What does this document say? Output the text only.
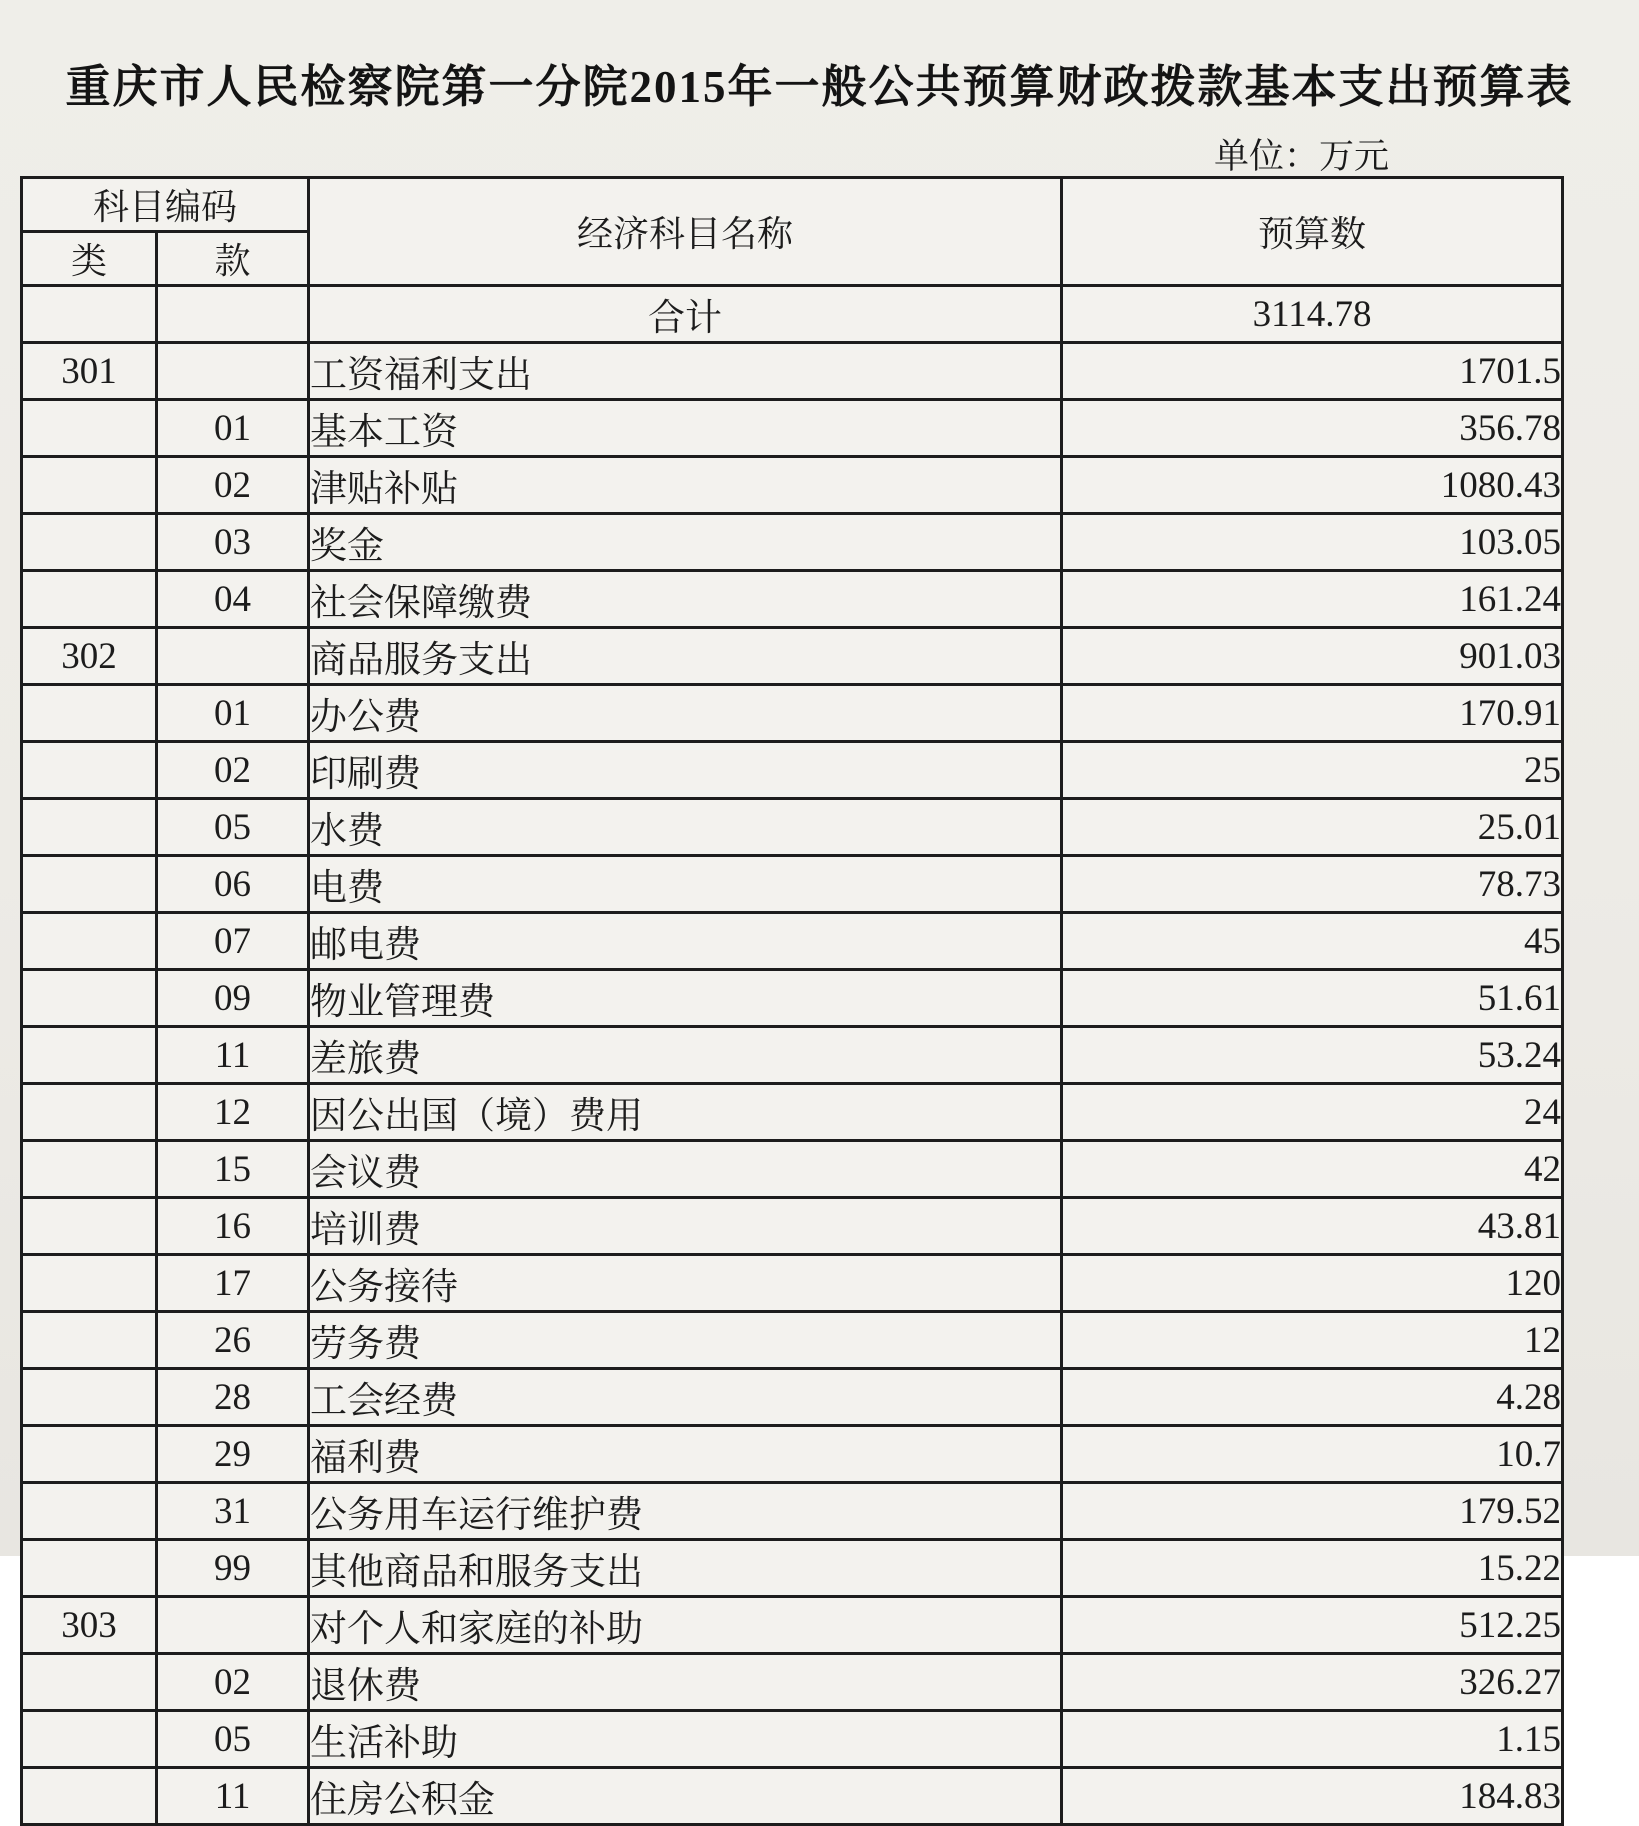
重庆市人民检察院第一分院2015年一般公共预算财政拨款基本支出预算表
单位：万元
科目编码		经济科目名称	预算数
类	款		
		合计	3114.78
301		工资福利支出	1701.5
	01	基本工资	356.78
	02	津贴补贴	1080.43
	03	奖金	103.05
	04	社会保障缴费	161.24
302		商品服务支出	901.03
	01	办公费	170.91
	02	印刷费	25
	05	水费	25.01
	06	电费	78.73
	07	邮电费	45
	09	物业管理费	51.61
	11	差旅费	53.24
	12	因公出国（境）费用	24
	15	会议费	42
	16	培训费	43.81
	17	公务接待	120
	26	劳务费	12
	28	工会经费	4.28
	29	福利费	10.7
	31	公务用车运行维护费	179.52
	99	其他商品和服务支出	15.22
303		对个人和家庭的补助	512.25
	02	退休费	326.27
	05	生活补助	1.15
	11	住房公积金	184.83
